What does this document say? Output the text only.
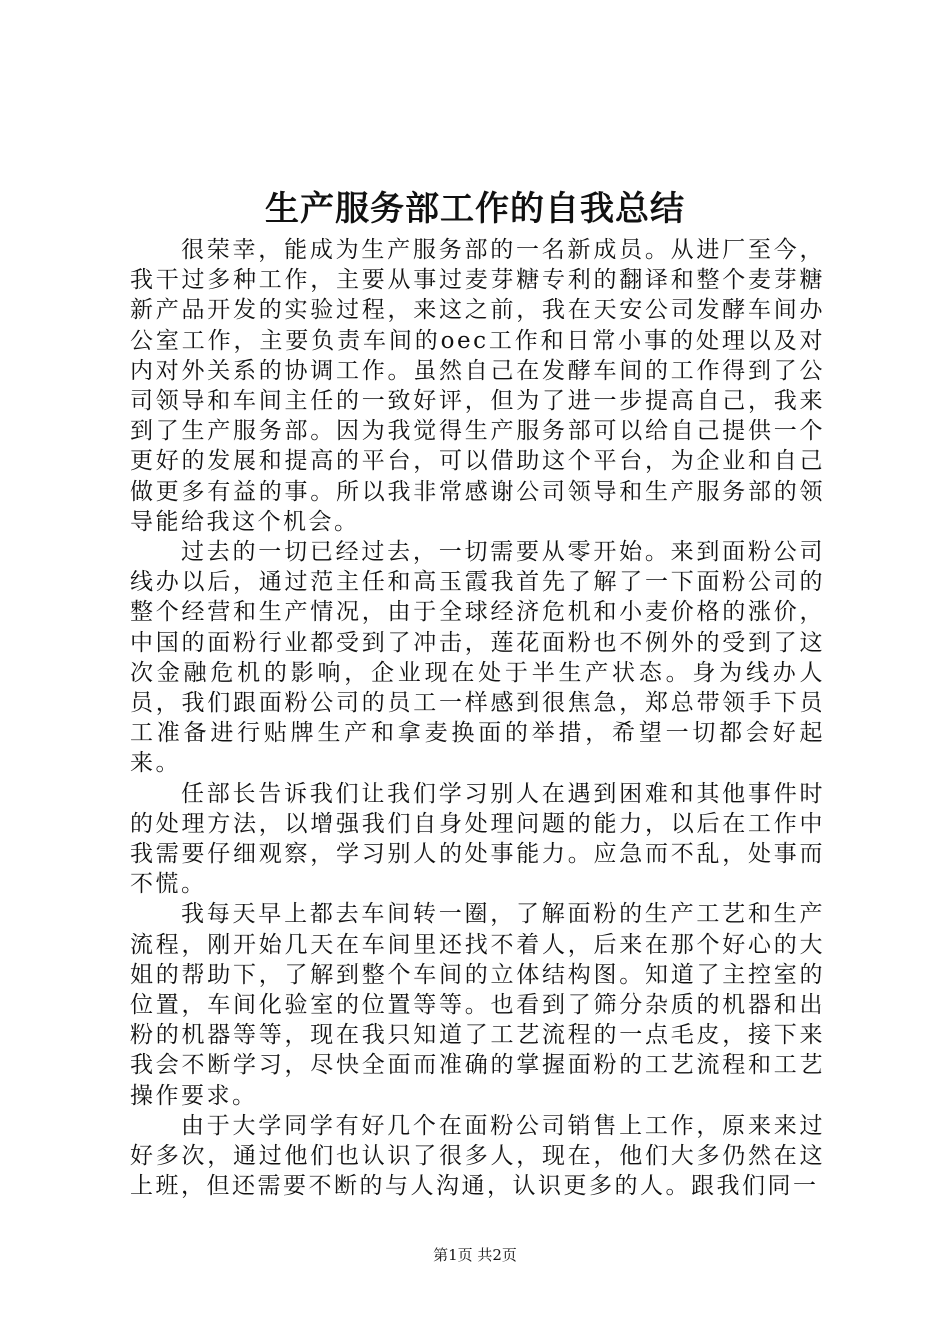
生产服务部工作的自我总结

很荣幸，能成为生产服务部的一名新成员。从进厂至今，我干过多种工作，主要从事过麦芽糖专利的翻译和整个麦芽糖新产品开发的实验过程，来这之前，我在天安公司发酵车间办公室工作，主要负责车间的oec工作和日常小事的处理以及对内对外关系的协调工作。虽然自己在发酵车间的工作得到了公司领导和车间主任的一致好评，但为了进一步提高自己，我来到了生产服务部。因为我觉得生产服务部可以给自己提供一个更好的发展和提高的平台，可以借助这个平台，为企业和自己做更多有益的事。所以我非常感谢公司领导和生产服务部的领导能给我这个机会。

过去的一切已经过去，一切需要从零开始。来到面粉公司线办以后，通过范主任和高玉霞我首先了解了一下面粉公司的整个经营和生产情况，由于全球经济危机和小麦价格的涨价，中国的面粉行业都受到了冲击，莲花面粉也不例外的受到了这次金融危机的影响，企业现在处于半生产状态。身为线办人员，我们跟面粉公司的员工一样感到很焦急，郑总带领手下员工准备进行贴牌生产和拿麦换面的举措，希望一切都会好起来。

任部长告诉我们让我们学习别人在遇到困难和其他事件时的处理方法，以增强我们自身处理问题的能力，以后在工作中我需要仔细观察，学习别人的处事能力。应急而不乱，处事而不慌。

我每天早上都去车间转一圈，了解面粉的生产工艺和生产流程，刚开始几天在车间里还找不着人，后来在那个好心的大姐的帮助下，了解到整个车间的立体结构图。知道了主控室的位置，车间化验室的位置等等。也看到了筛分杂质的机器和出粉的机器等等，现在我只知道了工艺流程的一点毛皮，接下来我会不断学习，尽快全面而准确的掌握面粉的工艺流程和工艺操作要求。

由于大学同学有好几个在面粉公司销售上工作，原来来过好多次，通过他们也认识了很多人，现在，他们大多仍然在这上班，但还需要不断的与人沟通，认识更多的人。跟我们同一

第1页 共2页
